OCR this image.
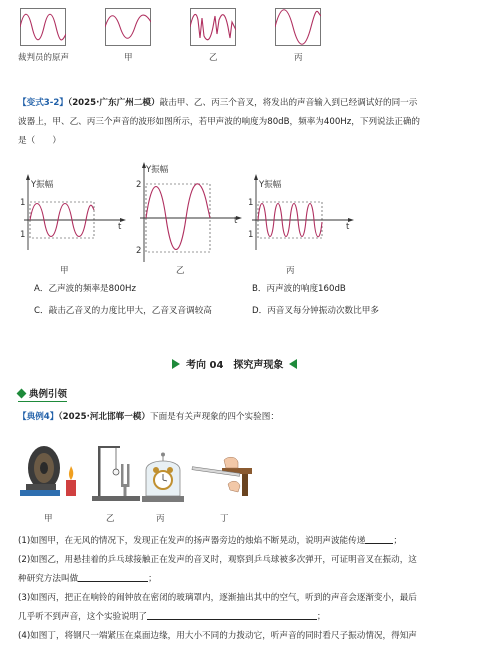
裁判员的原声	甲	乙	丙
【变式3-2】（2025·广东广州二模）敲击甲、乙、丙三个音叉，将发出的声音输入到已经调试好的同一示
波器上，甲、乙、丙三个声音的波形如图所示，若甲声波的响度为80dB，频率为400Hz，下列说法正确的
是（　　）
Y振幅
1
1
t
甲
Y振幅
2
2
t
乙
Y振幅
1
1
t
丙
A．乙声波的频率是800Hz	B．丙声波的响度160dB
C．敲击乙音叉的力度比甲大，乙音叉音调较高	D．丙音叉每分钟振动次数比甲多
考向 04　探究声现象
典例引领
【典例4】（2025·河北邯郸一模）下面是有关声现象的四个实验图：
甲	乙	丙	丁
(1)如图甲，在无风的情况下，发现正在发声的扬声器旁边的烛焰不断晃动，说明声波能传递	；
(2)如图乙，用悬挂着的乒乓球接触正在发声的音叉时，观察到乒乓球被多次弹开，可证明音叉在振动，这
种研究方法叫做	；
(3)如图丙，把正在响铃的闹钟放在密闭的玻璃罩内，逐渐抽出其中的空气，听到的声音会逐渐变小，最后
几乎听不到声音，这个实验说明了	；
(4)如图丁，将钢尺一端紧压在桌面边缘，用大小不同的力拨动它，听声音的同时看尺子振动情况，得知声
